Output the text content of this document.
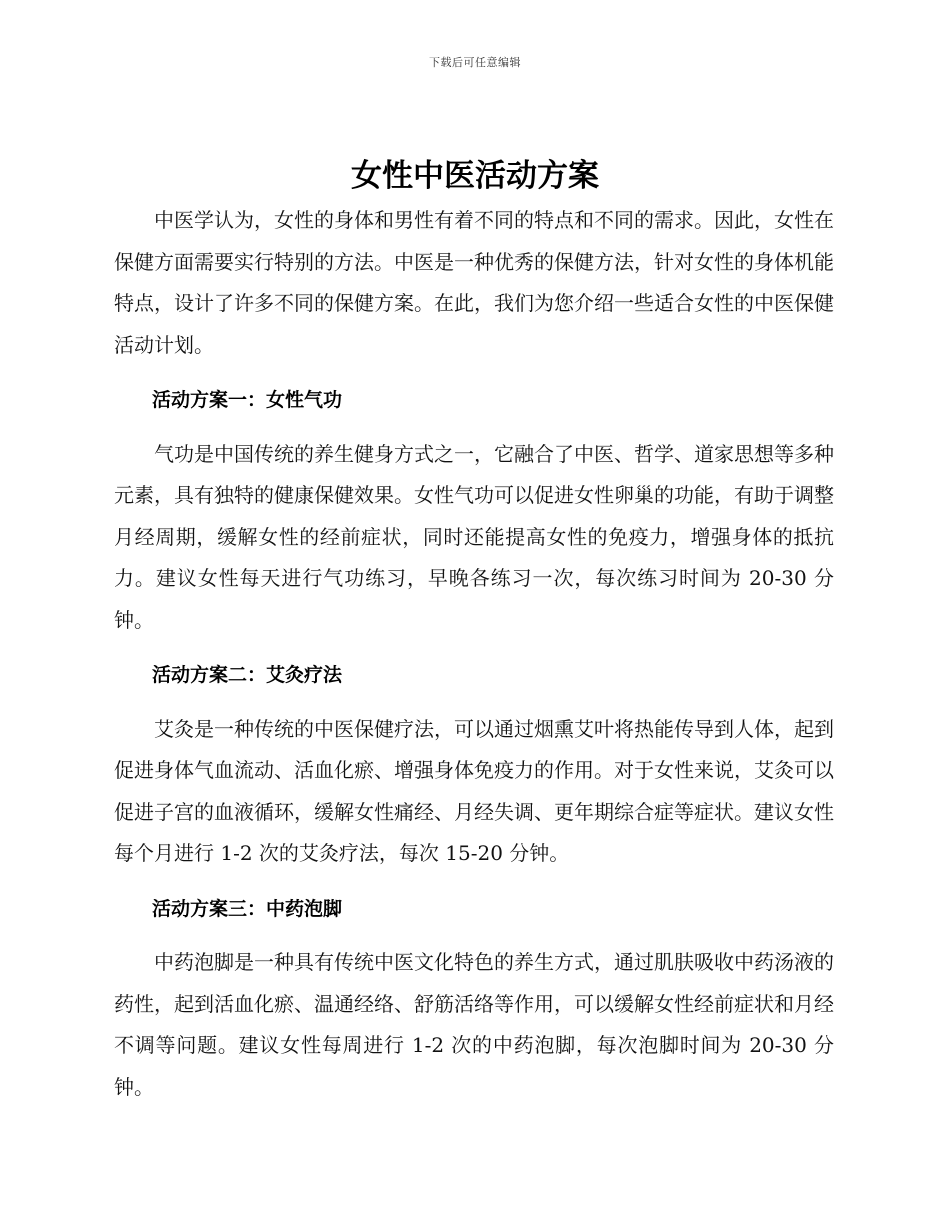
下载后可任意编辑
女性中医活动方案

中医学认为，女性的身体和男性有着不同的特点和不同的需求。因此，女性在保健方面需要实行特别的方法。中医是一种优秀的保健方法，针对女性的身体机能特点，设计了许多不同的保健方案。在此，我们为您介绍一些适合女性的中医保健活动计划。

活动方案一：女性气功

气功是中国传统的养生健身方式之一，它融合了中医、哲学、道家思想等多种元素，具有独特的健康保健效果。女性气功可以促进女性卵巢的功能，有助于调整月经周期，缓解女性的经前症状，同时还能提高女性的免疫力，增强身体的抵抗力。建议女性每天进行气功练习，早晚各练习一次，每次练习时间为 20-30 分钟。

活动方案二：艾灸疗法

艾灸是一种传统的中医保健疗法，可以通过烟熏艾叶将热能传导到人体，起到促进身体气血流动、活血化瘀、增强身体免疫力的作用。对于女性来说，艾灸可以促进子宫的血液循环，缓解女性痛经、月经失调、更年期综合症等症状。建议女性每个月进行 1-2 次的艾灸疗法，每次 15-20 分钟。

活动方案三：中药泡脚

中药泡脚是一种具有传统中医文化特色的养生方式，通过肌肤吸收中药汤液的药性，起到活血化瘀、温通经络、舒筋活络等作用，可以缓解女性经前症状和月经不调等问题。建议女性每周进行 1-2 次的中药泡脚，每次泡脚时间为 20-30 分钟。
